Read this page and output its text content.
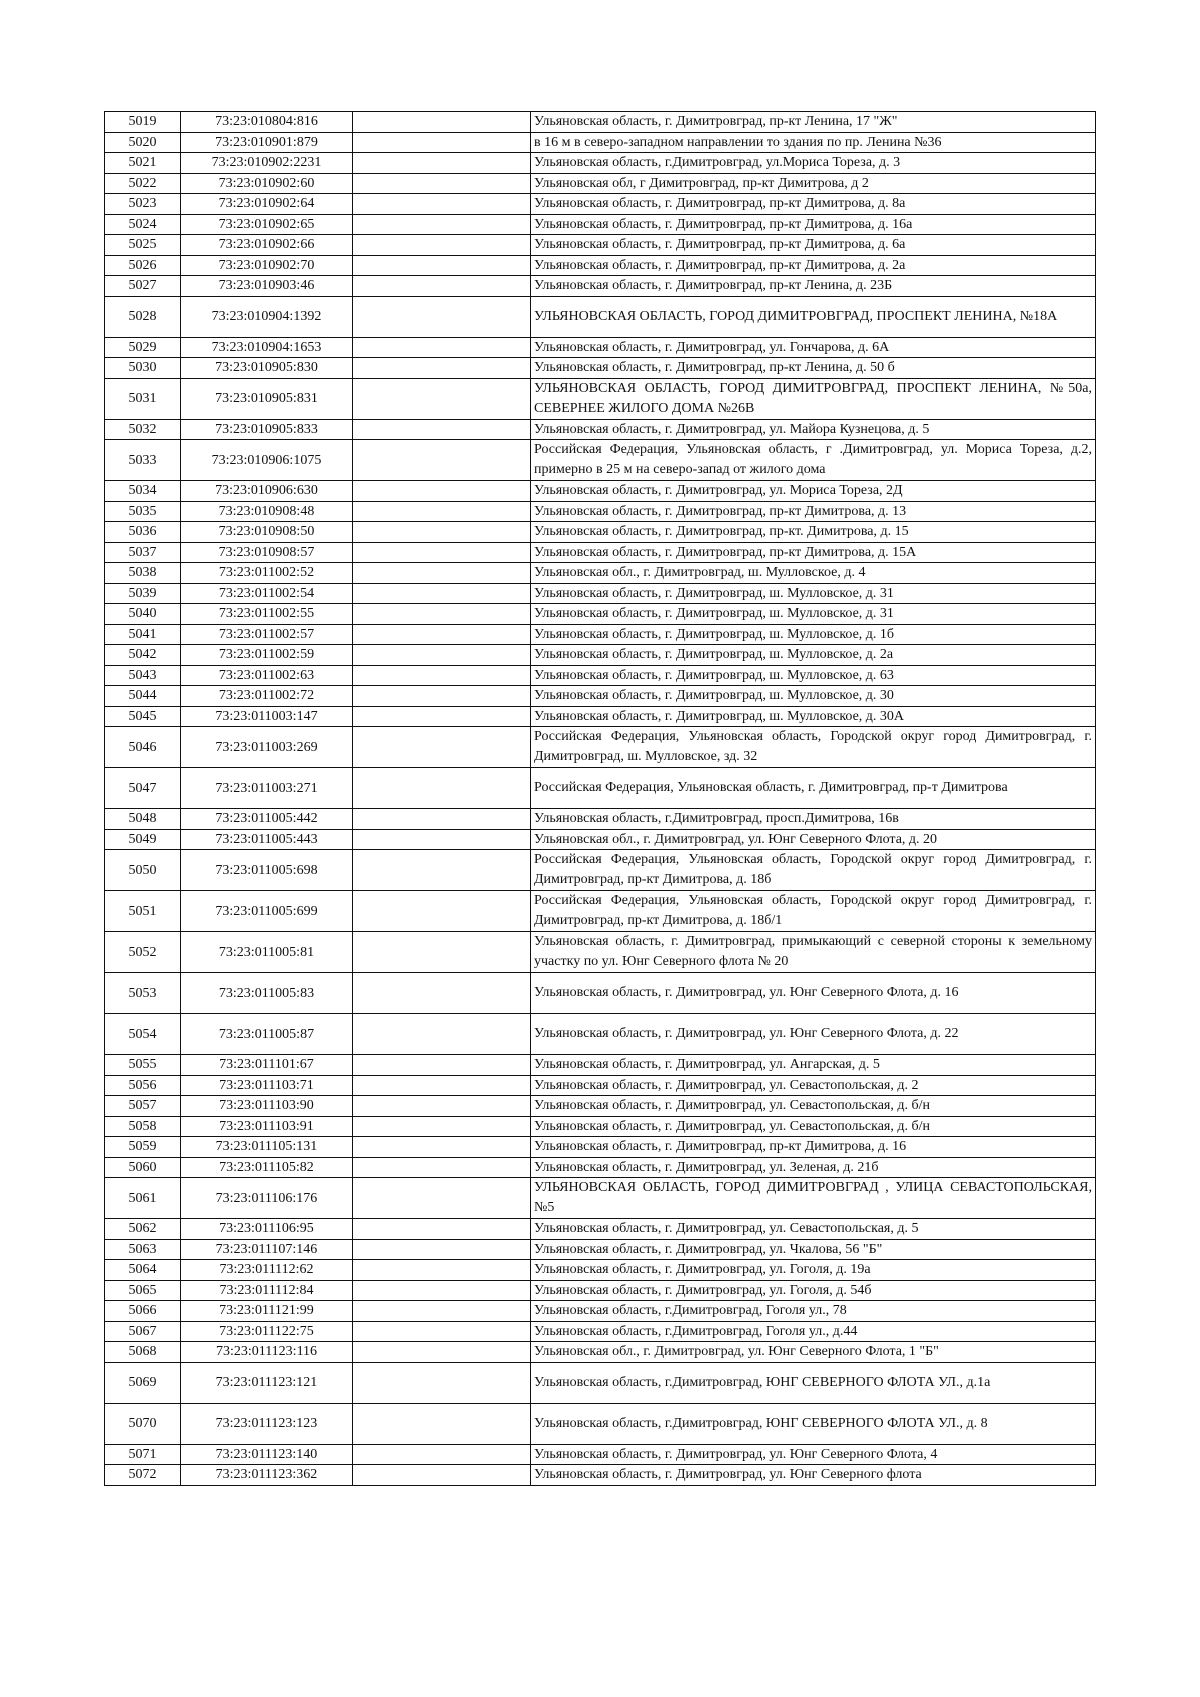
5019	73:23:010804:816		Ульяновская область, г. Димитровград, пр-кт Ленина, 17 "Ж"
5020	73:23:010901:879		в 16 м в северо-западном направлении то здания по пр. Ленина №36
5021	73:23:010902:2231		Ульяновская область, г.Димитровград, ул.Мориса Тореза, д. 3
5022	73:23:010902:60		Ульяновская обл, г Димитровград, пр-кт Димитрова, д 2
5023	73:23:010902:64		Ульяновская область, г. Димитровград, пр-кт Димитрова, д. 8а
5024	73:23:010902:65		Ульяновская область, г. Димитровград, пр-кт Димитрова, д. 16а
5025	73:23:010902:66		Ульяновская область, г. Димитровград, пр-кт Димитрова, д. 6а
5026	73:23:010902:70		Ульяновская область, г. Димитровград, пр-кт Димитрова, д. 2а
5027	73:23:010903:46		Ульяновская область, г. Димитровград, пр-кт Ленина, д. 23Б
5028	73:23:010904:1392		УЛЬЯНОВСКАЯ ОБЛАСТЬ, ГОРОД ДИМИТРОВГРАД, ПРОСПЕКТ ЛЕНИНА, №18А
5029	73:23:010904:1653		Ульяновская область, г. Димитровград, ул. Гончарова, д. 6А
5030	73:23:010905:830		Ульяновская область, г. Димитровград, пр-кт Ленина, д. 50 б
5031	73:23:010905:831		УЛЬЯНОВСКАЯ ОБЛАСТЬ, ГОРОД ДИМИТРОВГРАД, ПРОСПЕКТ ЛЕНИНА, №50а, СЕВЕРНЕЕ ЖИЛОГО ДОМА №26В
5032	73:23:010905:833		Ульяновская область, г. Димитровград, ул. Майора Кузнецова, д. 5
5033	73:23:010906:1075		Российская Федерация, Ульяновская область, г .Димитровград, ул. Мориса Тореза, д.2, примерно в 25 м на северо-запад от жилого дома
5034	73:23:010906:630		Ульяновская область, г. Димитровград, ул. Мориса Тореза, 2Д
5035	73:23:010908:48		Ульяновская область, г. Димитровград, пр-кт Димитрова, д. 13
5036	73:23:010908:50		Ульяновская область, г. Димитровград, пр-кт. Димитрова, д. 15
5037	73:23:010908:57		Ульяновская область, г. Димитровград, пр-кт Димитрова, д. 15А
5038	73:23:011002:52		Ульяновская обл., г. Димитровград, ш. Мулловское, д. 4
5039	73:23:011002:54		Ульяновская область, г. Димитровград, ш. Мулловское, д. 31
5040	73:23:011002:55		Ульяновская область, г. Димитровград, ш. Мулловское, д. 31
5041	73:23:011002:57		Ульяновская область, г. Димитровград, ш. Мулловское, д. 1б
5042	73:23:011002:59		Ульяновская область, г. Димитровград, ш. Мулловское, д. 2а
5043	73:23:011002:63		Ульяновская область, г. Димитровград, ш. Мулловское, д. 63
5044	73:23:011002:72		Ульяновская область, г. Димитровград, ш. Мулловское, д. 30
5045	73:23:011003:147		Ульяновская область, г. Димитровград, ш. Мулловское, д. 30А
5046	73:23:011003:269		Российская Федерация, Ульяновская область, Городской округ город Димитровград, г. Димитровград, ш. Мулловское, зд. 32
5047	73:23:011003:271		Российская Федерация, Ульяновская область, г. Димитровград, пр-т Димитрова
5048	73:23:011005:442		Ульяновская область, г.Димитровград, просп.Димитрова, 16в
5049	73:23:011005:443		Ульяновская обл., г. Димитровград, ул. Юнг Северного Флота, д. 20
5050	73:23:011005:698		Российская Федерация, Ульяновская область, Городской округ город Димитровград, г. Димитровград, пр-кт Димитрова, д. 18б
5051	73:23:011005:699		Российская Федерация, Ульяновская область, Городской округ город Димитровград, г. Димитровград, пр-кт Димитрова, д. 18б/1
5052	73:23:011005:81		Ульяновская область, г. Димитровград, примыкающий с северной стороны к земельному участку по ул. Юнг Северного флота № 20
5053	73:23:011005:83		Ульяновская область, г. Димитровград, ул. Юнг Северного Флота, д. 16
5054	73:23:011005:87		Ульяновская область, г. Димитровград, ул. Юнг Северного Флота, д. 22
5055	73:23:011101:67		Ульяновская область, г. Димитровград, ул. Ангарская, д. 5
5056	73:23:011103:71		Ульяновская область, г. Димитровград, ул. Севастопольская, д. 2
5057	73:23:011103:90		Ульяновская область, г. Димитровград, ул. Севастопольская, д. б/н
5058	73:23:011103:91		Ульяновская область, г. Димитровград, ул. Севастопольская, д. б/н
5059	73:23:011105:131		Ульяновская область, г. Димитровград, пр-кт Димитрова, д. 16
5060	73:23:011105:82		Ульяновская область, г. Димитровград, ул. Зеленая, д. 21б
5061	73:23:011106:176		УЛЬЯНОВСКАЯ ОБЛАСТЬ, ГОРОД ДИМИТРОВГРАД , УЛИЦА СЕВАСТОПОЛЬСКАЯ, №5
5062	73:23:011106:95		Ульяновская область, г. Димитровград, ул. Севастопольская, д. 5
5063	73:23:011107:146		Ульяновская область, г. Димитровград, ул. Чкалова, 56 "Б"
5064	73:23:011112:62		Ульяновская область, г. Димитровград, ул. Гоголя, д. 19а
5065	73:23:011112:84		Ульяновская область, г. Димитровград, ул. Гоголя, д. 54б
5066	73:23:011121:99		Ульяновская область, г.Димитровград, Гоголя ул., 78
5067	73:23:011122:75		Ульяновская область, г.Димитровград, Гоголя ул., д.44
5068	73:23:011123:116		Ульяновская обл., г. Димитровград, ул. Юнг Северного Флота, 1 "Б"
5069	73:23:011123:121		Ульяновская область, г.Димитровград, ЮНГ СЕВЕРНОГО ФЛОТА УЛ., д.1а
5070	73:23:011123:123		Ульяновская область, г.Димитровград, ЮНГ СЕВЕРНОГО ФЛОТА УЛ., д. 8
5071	73:23:011123:140		Ульяновская область, г. Димитровград, ул. Юнг Северного Флота, 4
5072	73:23:011123:362		Ульяновская область, г. Димитровград, ул. Юнг Северного флота
